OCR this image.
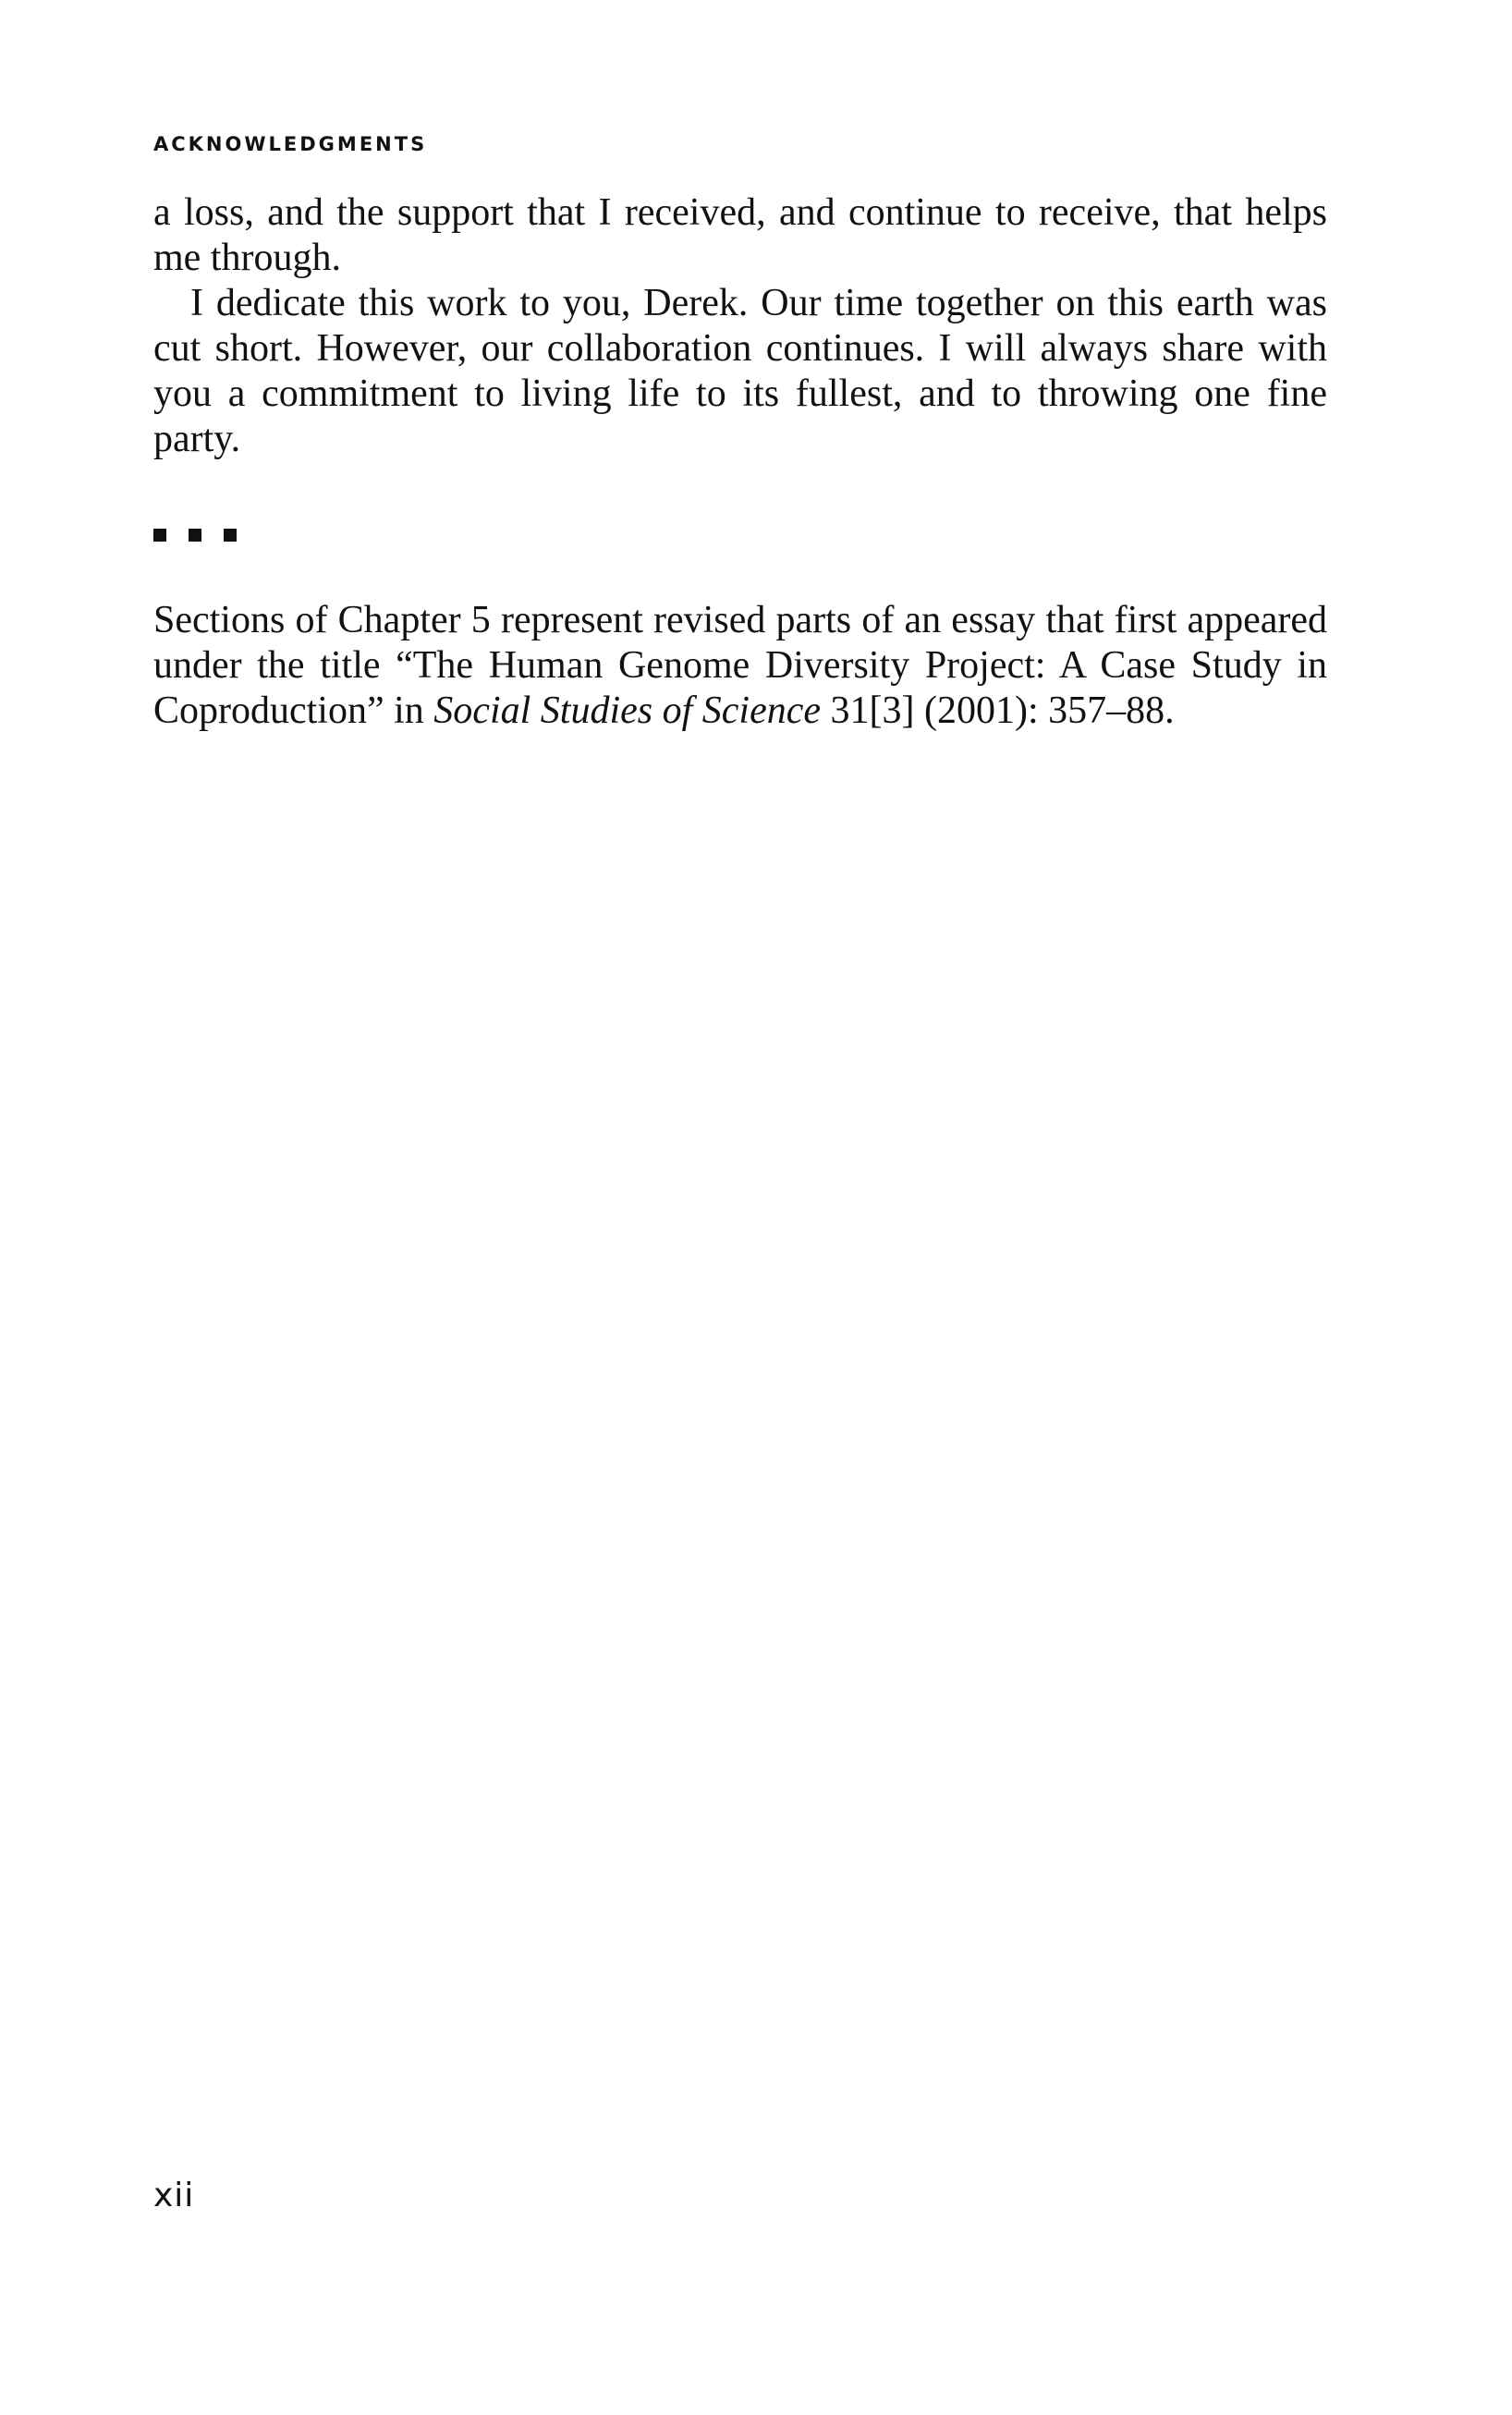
ACKNOWLEDGMENTS

a loss, and the support that I received, and continue to receive, that helps me through.

I dedicate this work to you, Derek. Our time together on this earth was cut short. However, our collaboration continues. I will always share with you a commitment to living life to its fullest, and to throwing one fine party.

Sections of Chapter 5 represent revised parts of an essay that first appeared under the title “The Human Genome Diversity Project: A Case Study in Coproduction” in Social Studies of Science 31[3] (2001): 357–88.

xii
